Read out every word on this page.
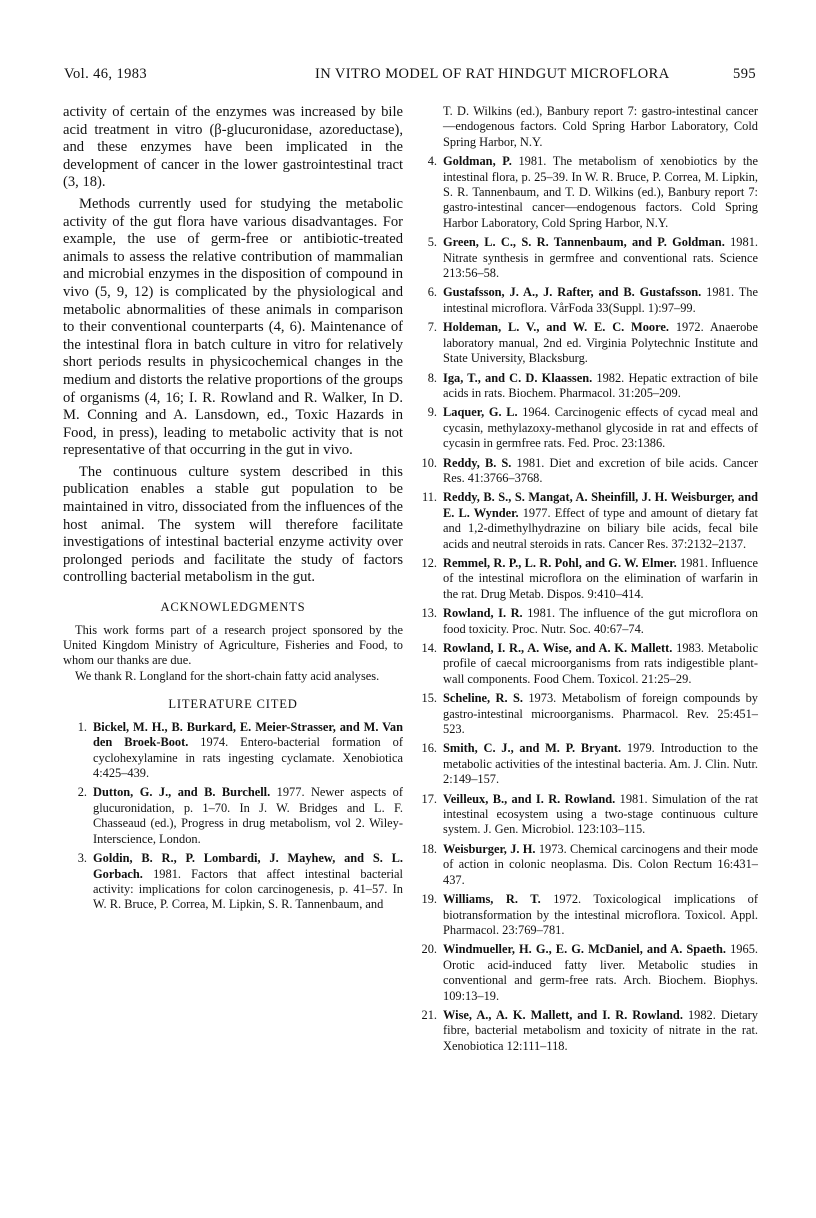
Vol. 46, 1983	IN VITRO MODEL OF RAT HINDGUT MICROFLORA	595

activity of certain of the enzymes was increased by bile acid treatment in vitro (β-glucuronidase, azoreductase), and these enzymes have been implicated in the development of cancer in the lower gastrointestinal tract (3, 18).

Methods currently used for studying the metabolic activity of the gut flora have various disadvantages. For example, the use of germ-free or antibiotic-treated animals to assess the relative contribution of mammalian and microbial enzymes in the disposition of compound in vivo (5, 9, 12) is complicated by the physiological and metabolic abnormalities of these animals in comparison to their conventional counterparts (4, 6). Maintenance of the intestinal flora in batch culture in vitro for relatively short periods results in physicochemical changes in the medium and distorts the relative proportions of the groups of organisms (4, 16; I. R. Rowland and R. Walker, In D. M. Conning and A. Lansdown, ed., Toxic Hazards in Food, in press), leading to metabolic activity that is not representative of that occurring in the gut in vivo.

The continuous culture system described in this publication enables a stable gut population to be maintained in vitro, dissociated from the influences of the host animal. The system will therefore facilitate investigations of intestinal bacterial enzyme activity over prolonged periods and facilitate the study of factors controlling bacterial metabolism in the gut.

ACKNOWLEDGMENTS

This work forms part of a research project sponsored by the United Kingdom Ministry of Agriculture, Fisheries and Food, to whom our thanks are due.

We thank R. Longland for the short-chain fatty acid analyses.

LITERATURE CITED
1. Bickel, M. H., B. Burkard, E. Meier-Strasser, and M. Van den Broek-Boot. 1974. Entero-bacterial formation of cyclohexylamine in rats ingesting cyclamate. Xenobiotica 4:425–439.
2. Dutton, G. J., and B. Burchell. 1977. Newer aspects of glucuronidation, p. 1–70. In J. W. Bridges and L. F. Chasseaud (ed.), Progress in drug metabolism, vol 2. Wiley-Interscience, London.
3. Goldin, B. R., P. Lombardi, J. Mayhew, and S. L. Gorbach. 1981. Factors that affect intestinal bacterial activity: implications for colon carcinogenesis, p. 41–57. In W. R. Bruce, P. Correa, M. Lipkin, S. R. Tannenbaum, and
T. D. Wilkins (ed.), Banbury report 7: gastro-intestinal cancer—endogenous factors. Cold Spring Harbor Laboratory, Cold Spring Harbor, N.Y.
4. Goldman, P. 1981. The metabolism of xenobiotics by the intestinal flora, p. 25–39. In W. R. Bruce, P. Correa, M. Lipkin, S. R. Tannenbaum, and T. D. Wilkins (ed.), Banbury report 7: gastro-intestinal cancer—endogenous factors. Cold Spring Harbor Laboratory, Cold Spring Harbor, N.Y.
5. Green, L. C., S. R. Tannenbaum, and P. Goldman. 1981. Nitrate synthesis in germfree and conventional rats. Science 213:56–58.
6. Gustafsson, J. A., J. Rafter, and B. Gustafsson. 1981. The intestinal microflora. VårFoda 33(Suppl. 1):97–99.
7. Holdeman, L. V., and W. E. C. Moore. 1972. Anaerobe laboratory manual, 2nd ed. Virginia Polytechnic Institute and State University, Blacksburg.
8. Iga, T., and C. D. Klaassen. 1982. Hepatic extraction of bile acids in rats. Biochem. Pharmacol. 31:205–209.
9. Laquer, G. L. 1964. Carcinogenic effects of cycad meal and cycasin, methylazoxy-methanol glycoside in rat and effects of cycasin in germfree rats. Fed. Proc. 23:1386.
10. Reddy, B. S. 1981. Diet and excretion of bile acids. Cancer Res. 41:3766–3768.
11. Reddy, B. S., S. Mangat, A. Sheinfill, J. H. Weisburger, and E. L. Wynder. 1977. Effect of type and amount of dietary fat and 1,2-dimethylhydrazine on biliary bile acids, fecal bile acids and neutral steroids in rats. Cancer Res. 37:2132–2137.
12. Remmel, R. P., L. R. Pohl, and G. W. Elmer. 1981. Influence of the intestinal microflora on the elimination of warfarin in the rat. Drug Metab. Dispos. 9:410–414.
13. Rowland, I. R. 1981. The influence of the gut microflora on food toxicity. Proc. Nutr. Soc. 40:67–74.
14. Rowland, I. R., A. Wise, and A. K. Mallett. 1983. Metabolic profile of caecal microorganisms from rats indigestible plant-wall components. Food Chem. Toxicol. 21:25–29.
15. Scheline, R. S. 1973. Metabolism of foreign compounds by gastro-intestinal microorganisms. Pharmacol. Rev. 25:451–523.
16. Smith, C. J., and M. P. Bryant. 1979. Introduction to the metabolic activities of the intestinal bacteria. Am. J. Clin. Nutr. 2:149–157.
17. Veilleux, B., and I. R. Rowland. 1981. Simulation of the rat intestinal ecosystem using a two-stage continuous culture system. J. Gen. Microbiol. 123:103–115.
18. Weisburger, J. H. 1973. Chemical carcinogens and their mode of action in colonic neoplasma. Dis. Colon Rectum 16:431–437.
19. Williams, R. T. 1972. Toxicological implications of biotransformation by the intestinal microflora. Toxicol. Appl. Pharmacol. 23:769–781.
20. Windmueller, H. G., E. G. McDaniel, and A. Spaeth. 1965. Orotic acid-induced fatty liver. Metabolic studies in conventional and germ-free rats. Arch. Biochem. Biophys. 109:13–19.
21. Wise, A., A. K. Mallett, and I. R. Rowland. 1982. Dietary fibre, bacterial metabolism and toxicity of nitrate in the rat. Xenobiotica 12:111–118.
